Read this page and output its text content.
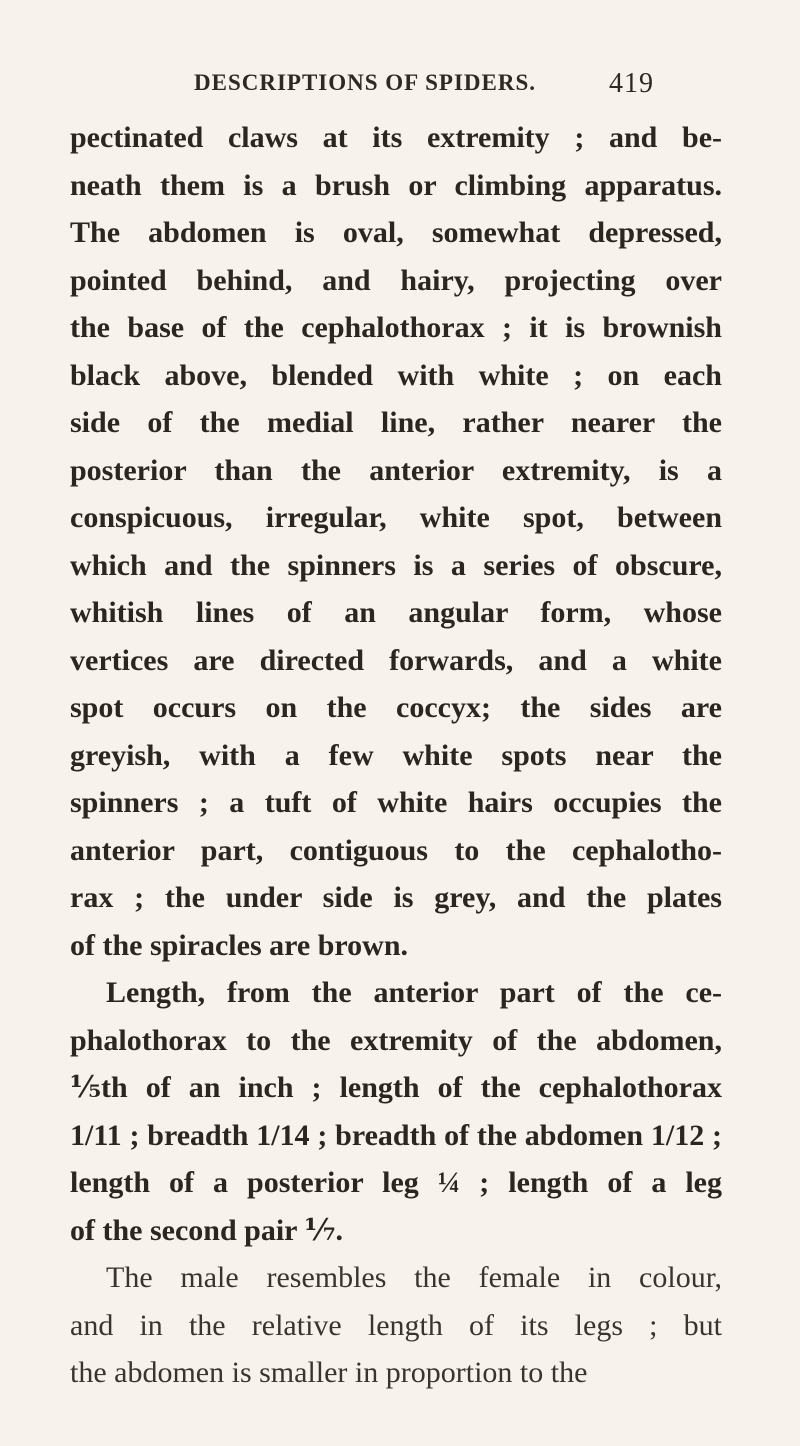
DESCRIPTIONS OF SPIDERS.	419
pectinated claws at its extremity ; and be-
neath them is a brush or climbing apparatus.
The abdomen is oval, somewhat depressed,
pointed behind, and hairy, projecting over
the base of the cephalothorax ; it is brownish
black above, blended with white ; on each
side of the medial line, rather nearer the
posterior than the anterior extremity, is a
conspicuous, irregular, white spot, between
which and the spinners is a series of obscure,
whitish lines of an angular form, whose
vertices are directed forwards, and a white
spot occurs on the coccyx; the sides are
greyish, with a few white spots near the
spinners ; a tuft of white hairs occupies the
anterior part, contiguous to the cephalotho-
rax ; the under side is grey, and the plates
of the spiracles are brown.
Length, from the anterior part of the ce-
phalothorax to the extremity of the abdomen,
⅕th of an inch ; length of the cephalothorax
1/11 ; breadth 1/14 ; breadth of the abdomen 1/12 ;
length of a posterior leg ¼ ; length of a leg
of the second pair ⅐.
The male resembles the female in colour,
and in the relative length of its legs ; but
the abdomen is smaller in proportion to the
